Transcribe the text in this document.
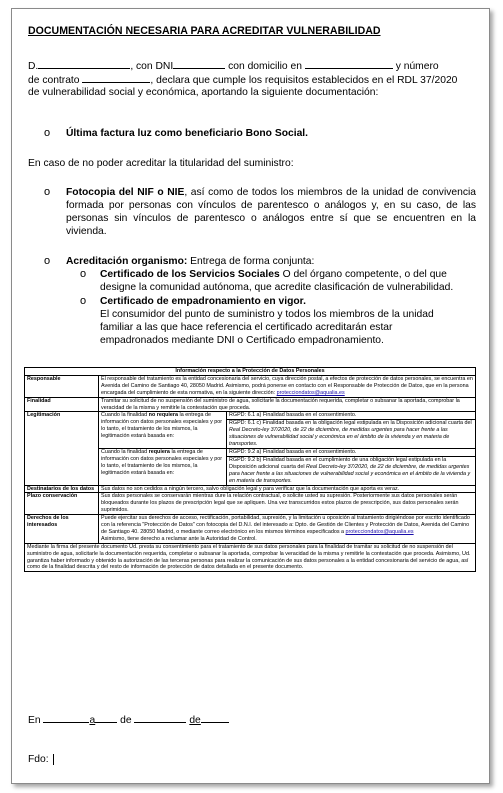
DOCUMENTACIÓN NECESARIA PARA ACREDITAR VULNERABILIDAD
D.	, con DNI	con domicilio en	y número
de contrato	, declara que cumple los requisitos establecidos en el RDL 37/2020
de vulnerabilidad social y económica, aportando la siguiente documentación:
o Última factura luz como beneficiario Bono Social.
En caso de no poder acreditar la titularidad del suministro:
o Fotocopia del NIF o NIE, así como de todos los miembros de la unidad de convivencia formada por personas con vínculos de parentesco o análogos y, en su caso, de las personas sin vínculos de parentesco o análogos entre sí que se encuentren en la vivienda.
o Acreditación organismo: Entrega de forma conjunta:
o Certificado de los Servicios Sociales O del órgano competente, o del que
designe la comunidad autónoma, que acredite clasificación de vulnerabilidad.
o Certificado de empadronamiento en vigor.
El consumidor del punto de suministro y todos los miembros de la unidad
familiar a las que hace referencia el certificado acreditarán estar
empadronados mediante DNI o Certificado empadronamiento.
Información respecto a la Protección de Datos Personales		
Responsable	El responsable del tratamiento es la entidad concesionaria del servicio, cuya dirección postal, a efectos de protección de datos personales, se encuentra en Avenida del Camino de Santiago 40, 28050 Madrid. Asimismo, podrá ponerse en contacto con el Responsable de Protección de Datos, que en la persona encargada del cumplimiento de esta normativa, en la siguiente dirección: protecciondatos@aqualia.es	
Finalidad	Tramitar su solicitud de no suspensión del suministro de agua, solicitarle la documentación requerida, completar o subsanar la aportada, comprobar la veracidad de la misma y remitirle la contestación que proceda.	
Legitimación	Cuando la finalidad no requiera la entrega de información con datos personales especiales y por lo tanto, el tratamiento de los mismos, la legitimación estará basada en:	RGPD: 6.1 a) Finalidad basada en el consentimiento.
		RGPD: 6.1 c) Finalidad basada en la obligación legal estipulada en la Disposición adicional cuarta del Real Decreto-ley 37/2020, de 22 de diciembre, de medidas urgentes para hacer frente a las situaciones de vulnerabilidad social y económica en el ámbito de la vivienda y en materia de transportes.
	Cuando la finalidad requiera la entrega de información con datos personales especiales y por lo tanto, el tratamiento de los mismos, la legitimación estará basada en:	RGPD: 9.2 a) Finalidad basada en el consentimiento.
		RGPD: 9.2 b) Finalidad basada en el cumplimiento de una obligación legal estipulada en la Disposición adicional cuarta del Real Decreto-ley 37/2020, de 22 de diciembre, de medidas urgentes para hacer frente a las situaciones de vulnerabilidad social y económica en el ámbito de la vivienda y en materia de transportes.
Destinatarios de los datos	Sus datos no son cedidos a ningún tercero, salvo obligación legal y para verificar que la documentación que aporta es veraz.	
Plazo conservación	Sus datos personales se conservarán mientras dure la relación contractual, o solicite usted su supresión. Posteriormente sus datos personales serán bloqueados durante los plazos de prescripción legal que se apliquen. Una vez transcurridos estos plazos de prescripción, sus datos personales serán suprimidos.	
Derechos de los interesados	Puede ejercitar sus derechos de acceso, rectificación, portabilidad, supresión, y la limitación u oposición al tratamiento dirigiéndose por escrito identificado con la referencia "Protección de Datos" con fotocopia del D.N.I. del interesado a: Dpto. de Gestión de Clientes y Protección de Datos, Avenida del Camino de Santiago 40. 28050 Madrid, o mediante correo electrónico en los mismos términos especificados a protecciondatos@aqualia.es
Asimismo, tiene derecho a reclamar ante la Autoridad de Control.	
Mediante la firma del presente documento Ud. presta su consentimiento para el tratamiento de sus datos personales para la finalidad de tramitar su solicitud de no suspensión del suministro de agua, solicitarle la documentación requerida, completar o subsanar la aportada, comprobar la veracidad de la misma y remitirle la contestación que proceda. Asimismo, Ud. garantiza haber informado y obtenido la autorización de las terceras personas para realizar la comunicación de sus datos personales a la entidad concesionaria del servicio de agua, así como de la finalidad descrita y del resto de información de protección de datos detallada en el presente documento.		
En	a de	de
Fdo:
